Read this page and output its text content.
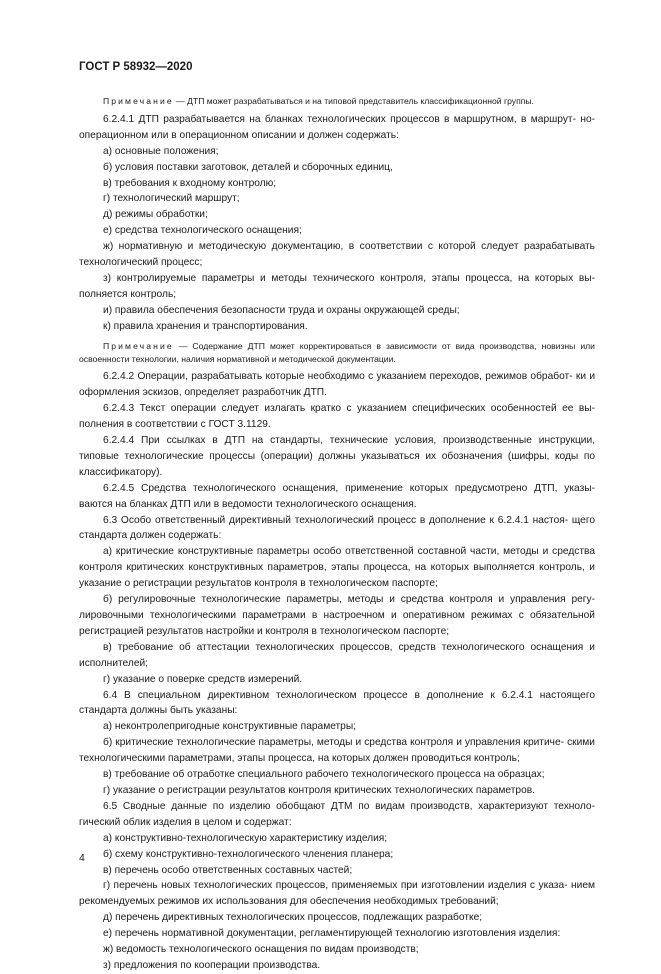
ГОСТ Р 58932—2020

Примечание — ДТП может разрабатываться и на типовой представитель классификационной группы.

6.2.4.1 ДТП разрабатывается на бланках технологических процессов в маршрутном, в маршрут- но-операционном или в операционном описании и должен содержать:

а) основные положения;

б) условия поставки заготовок, деталей и сборочных единиц,

в) требования к входному контролю;

г) технологический маршрут;

д) режимы обработки;

е) средства технологического оснащения;

ж) нормативную и методическую документацию, в соответствии с которой следует разрабатывать технологический процесс;

з) контролируемые параметры и методы технического контроля, этапы процесса, на которых вы- полняется контроль;

и) правила обеспечения безопасности труда и охраны окружающей среды;

к) правила хранения и транспортирования.

Примечание — Содержание ДТП может корректироваться в зависимости от вида производства, новизны или освоенности технологии, наличия нормативной и методической документации.

6.2.4.2 Операции, разрабатывать которые необходимо с указанием переходов, режимов обработ- ки и оформления эскизов, определяет разработчик ДТП.

6.2.4.3 Текст операции следует излагать кратко с указанием специфических особенностей ее вы- полнения в соответствии с ГОСТ 3.1129.

6.2.4.4 При ссылках в ДТП на стандарты, технические условия, производственные инструкции, типовые технологические процессы (операции) должны указываться их обозначения (шифры, коды по классификатору).

6.2.4.5 Средства технологического оснащения, применение которых предусмотрено ДТП, указы- ваются на бланках ДТП или в ведомости технологического оснащения.

6.3 Особо ответственный директивный технологический процесс в дополнение к 6.2.4.1 настоя- щего стандарта должен содержать:

а) критические конструктивные параметры особо ответственной составной части, методы и средства контроля критических конструктивных параметров, этапы процесса, на которых выполняется контроль, и указание о регистрации результатов контроля в технологическом паспорте;

б) регулировочные технологические параметры, методы и средства контроля и управления регу- лировочными технологическими параметрами в настроечном и оперативном режимах с обязательной регистрацией результатов настройки и контроля в технологическом паспорте;

в) требование об аттестации технологических процессов, средств технологического оснащения и исполнителей;

г) указание о поверке средств измерений.

6.4 В специальном директивном технологическом процессе в дополнение к 6.2.4.1 настоящего стандарта должны быть указаны:

а) неконтролепригодные конструктивные параметры;

б) критические технологические параметры, методы и средства контроля и управления критиче- скими технологическими параметрами, этапы процесса, на которых должен проводиться контроль;

в) требование об отработке специального рабочего технологического процесса на образцах;

г) указание о регистрации результатов контроля критических технологических параметров.

6.5 Сводные данные по изделию обобщают ДТМ по видам производств, характеризуют техноло- гический облик изделия в целом и содержат:

а) конструктивно-технологическую характеристику изделия;

б) схему конструктивно-технологического членения планера;

в) перечень особо ответственных составных частей;

г) перечень новых технологических процессов, применяемых при изготовлении изделия с указа- нием рекомендуемых режимов их использования для обеспечения необходимых требований;

д) перечень директивных технологических процессов, подлежащих разработке;

е) перечень нормативной документации, регламентирующей технологию изготовления изделия:

ж) ведомость технологического оснащения по видам производств;

з) предложения по кооперации производства.

4
